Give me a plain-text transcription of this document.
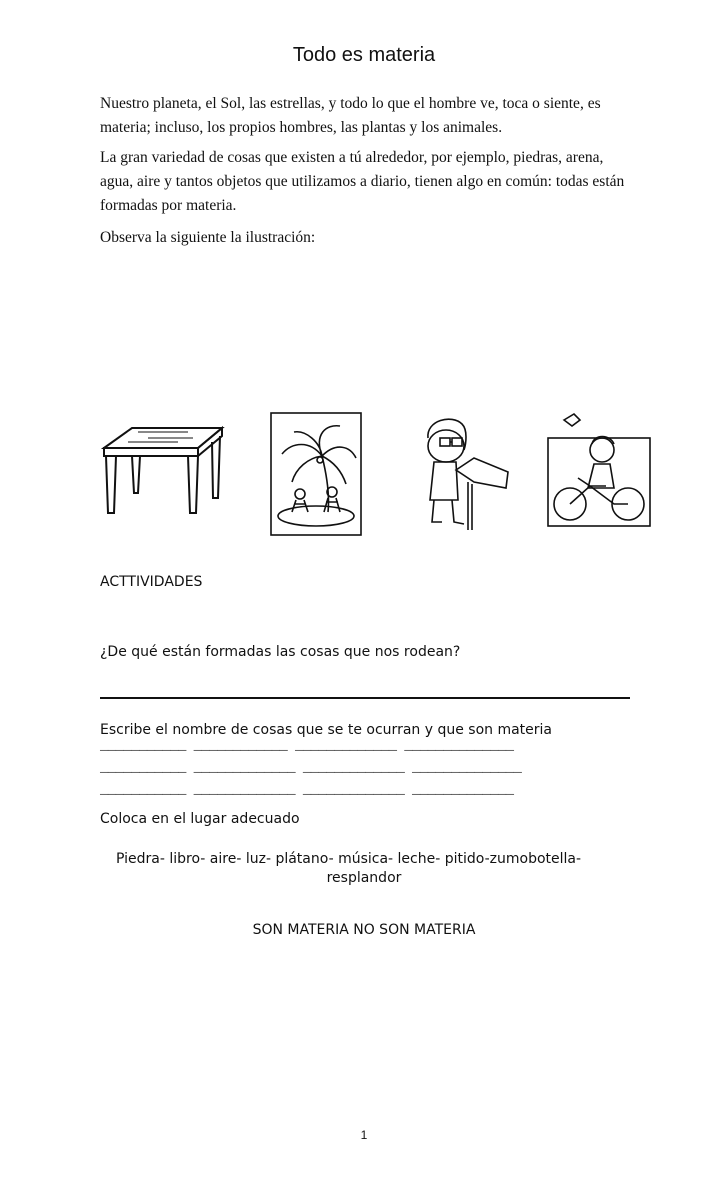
Todo es materia
Nuestro planeta, el Sol, las estrellas, y todo lo que el hombre ve, toca o siente, es materia; incluso, los propios hombres, las plantas y los animales.
La gran variedad de cosas que existen a tú alrededor, por ejemplo, piedras, arena, agua, aire y tantos objetos que utilizamos a diario, tienen algo en común: todas están formadas por materia.
Observa la siguiente la ilustración:
ACTTIVIDADES
¿De qué están formadas las cosas que nos rodean?
Escribe el nombre de cosas que se te ocurran y que son materia
___________ ____________ _____________ ______________
___________ _____________ _____________ ______________
___________ _____________ _____________ _____________
Coloca en el lugar adecuado
Piedra- libro- aire- luz- plátano- música- leche- pitido-zumobotella-
resplandor
SON MATERIA NO SON MATERIA
1
